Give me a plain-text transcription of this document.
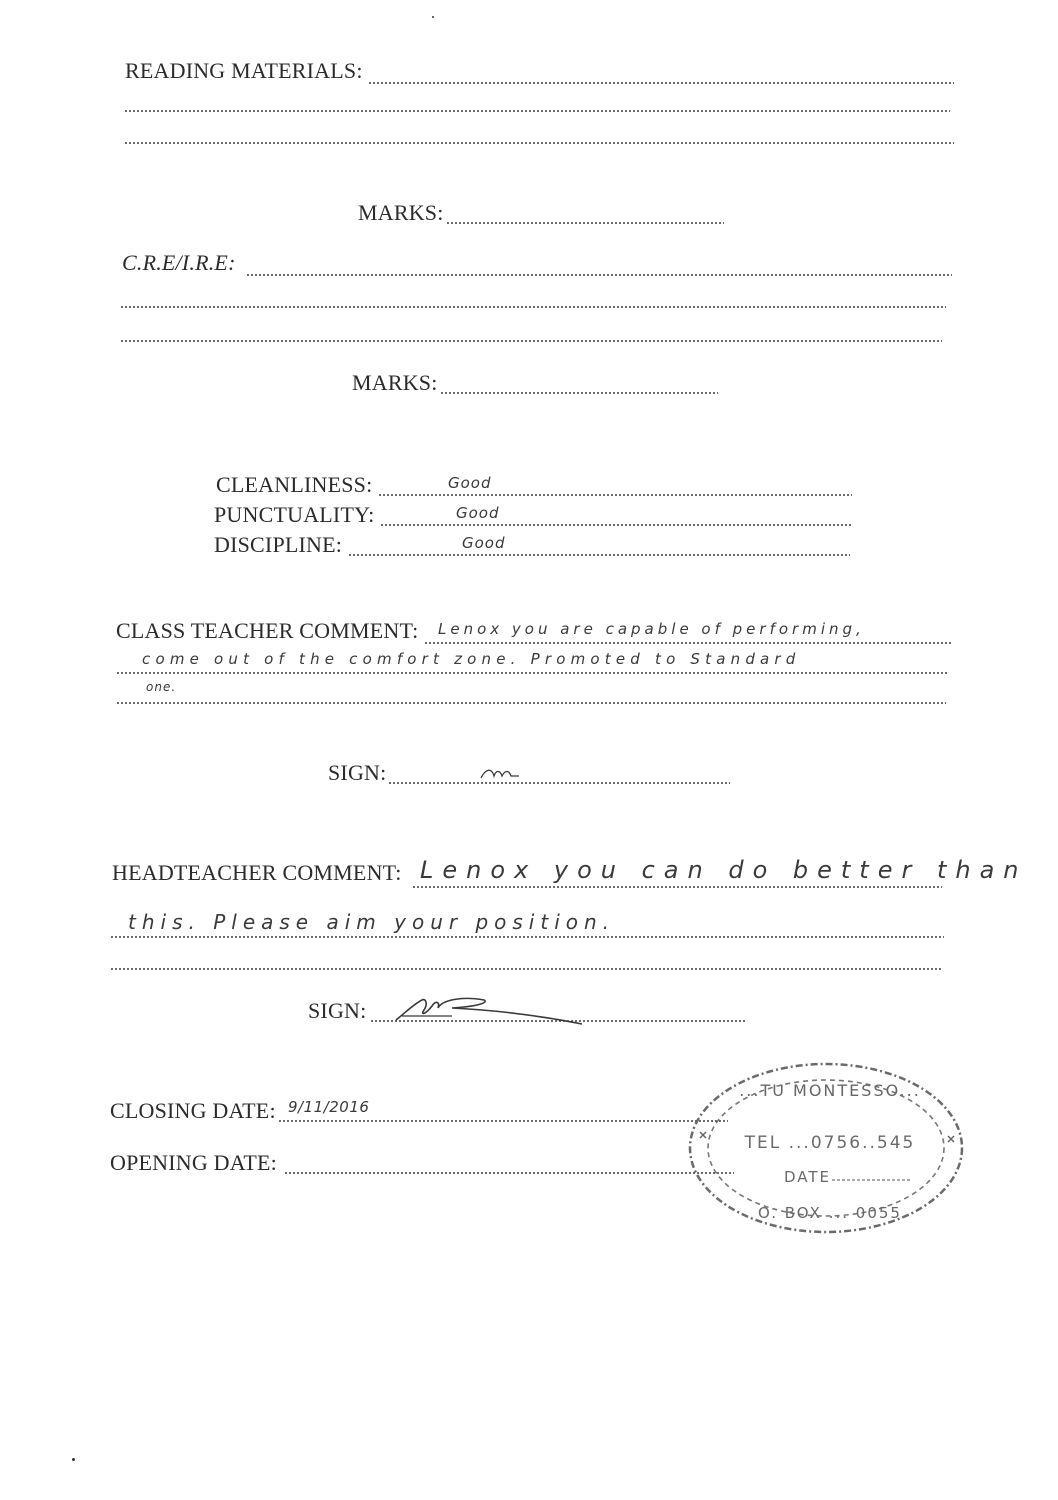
READING MATERIALS:
MARKS:
C.R.E/I.R.E:
MARKS:
CLEANLINESS:	Good
PUNCTUALITY:	Good
DISCIPLINE:	Good
CLASS TEACHER COMMENT: Lenox you are capable of performing,
come out of the comfort zone. Promoted to Standard
one.
SIGN:
HEADTEACHER COMMENT: Lenox you can do better than
this. Please aim your position.
SIGN:
CLOSING DATE: 9/11/2016
OPENING DATE:
...TU MONTESSO...
TEL ...0756..545
DATE
O. BOX ... 0055
